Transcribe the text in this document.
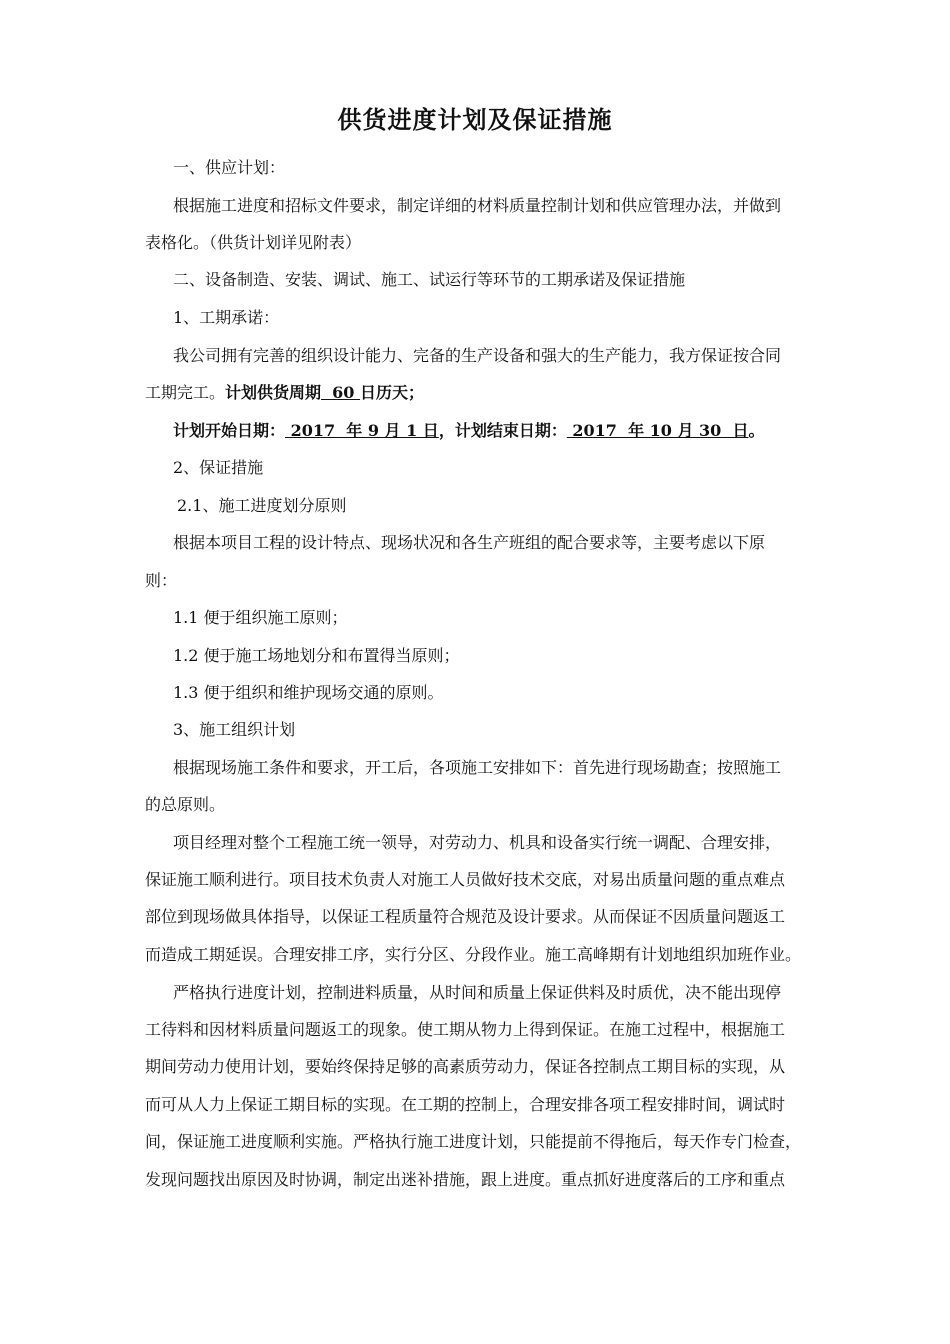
供货进度计划及保证措施
一、供应计划：
根据施工进度和招标文件要求，制定详细的材料质量控制计划和供应管理办法，并做到
表格化。（供货计划详见附表）
二、设备制造、安装、调试、施工、试运行等环节的工期承诺及保证措施
1、工期承诺：
我公司拥有完善的组织设计能力、完备的生产设备和强大的生产能力，我方保证按合同
工期完工。计划供货周期  60 日历天；
计划开始日期： 2017  年 9 月 1 日，计划结束日期： 2017  年 10 月 30  日。
2、保证措施
2.1、施工进度划分原则
根据本项目工程的设计特点、现场状况和各生产班组的配合要求等，主要考虑以下原
则：
1.1 便于组织施工原则；
1.2 便于施工场地划分和布置得当原则；
1.3 便于组织和维护现场交通的原则。
3、施工组织计划
根据现场施工条件和要求，开工后，各项施工安排如下：首先进行现场勘查；按照施工
的总原则。
项目经理对整个工程施工统一领导，对劳动力、机具和设备实行统一调配、合理安排，
保证施工顺利进行。项目技术负责人对施工人员做好技术交底，对易出质量问题的重点难点
部位到现场做具体指导，以保证工程质量符合规范及设计要求。从而保证不因质量问题返工
而造成工期延误。合理安排工序，实行分区、分段作业。施工高峰期有计划地组织加班作业。
严格执行进度计划，控制进料质量，从时间和质量上保证供料及时质优，决不能出现停
工待料和因材料质量问题返工的现象。使工期从物力上得到保证。在施工过程中，根据施工
期间劳动力使用计划，要始终保持足够的高素质劳动力，保证各控制点工期目标的实现，从
而可从人力上保证工期目标的实现。在工期的控制上，合理安排各项工程安排时间，调试时
间，保证施工进度顺利实施。严格执行施工进度计划，只能提前不得拖后，每天作专门检查，
发现问题找出原因及时协调，制定出迷补措施，跟上进度。重点抓好进度落后的工序和重点
